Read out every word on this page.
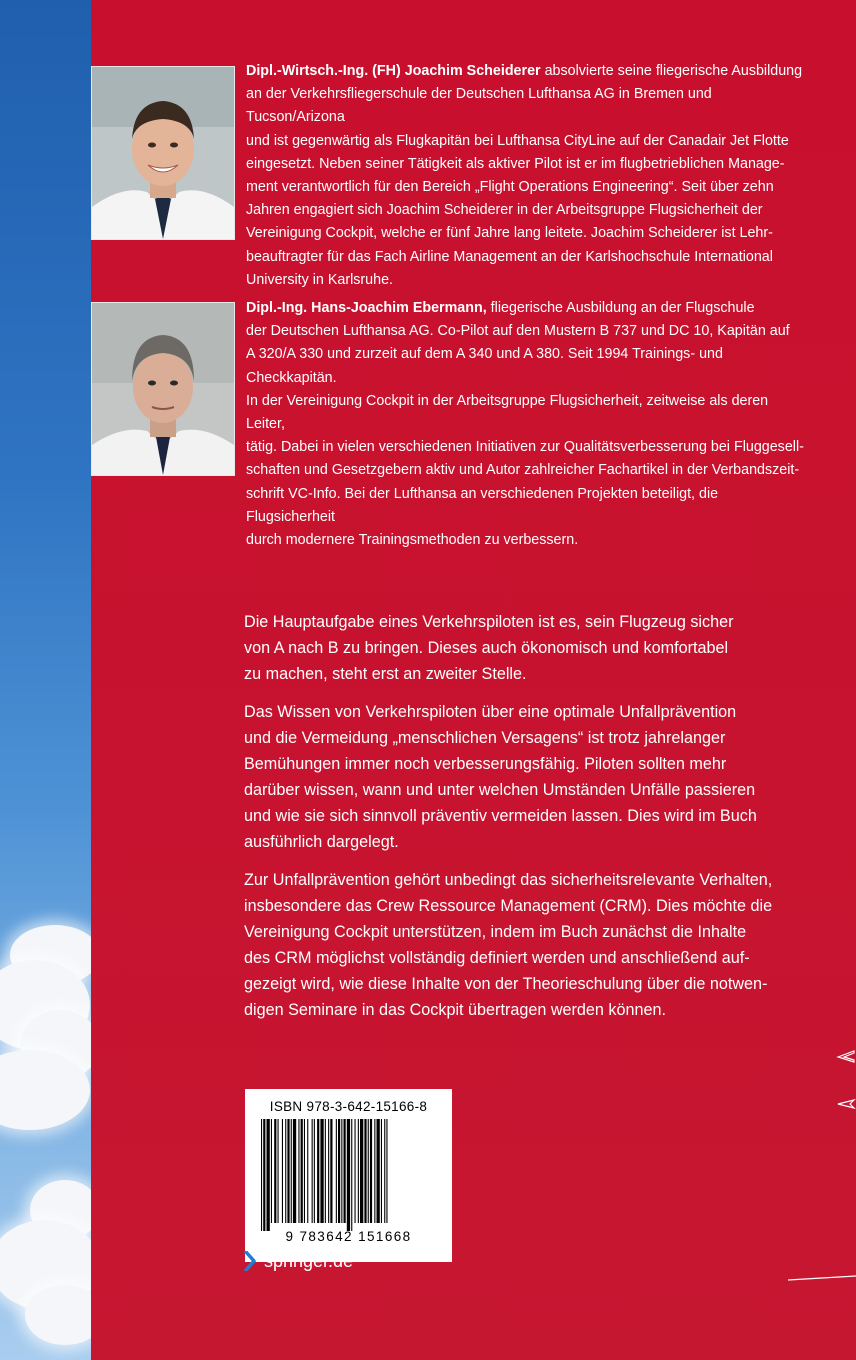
Dipl.-Wirtsch.-Ing. (FH) Joachim Scheiderer absolvierte seine fliegerische Ausbildung
an der Verkehrsfliegerschule der Deutschen Lufthansa AG in Bremen und Tucson/Arizona
und ist gegenwärtig als Flugkapitän bei Lufthansa CityLine auf der Canadair Jet Flotte
eingesetzt. Neben seiner Tätigkeit als aktiver Pilot ist er im flugbetrieblichen Manage-
ment verantwortlich für den Bereich „Flight Operations Engineering“. Seit über zehn
Jahren engagiert sich Joachim Scheiderer in der Arbeitsgruppe Flugsicherheit der
Vereinigung Cockpit, welche er fünf Jahre lang leitete. Joachim Scheiderer ist Lehr-
beauftragter für das Fach Airline Management an der Karlshochschule International
University in Karlsruhe.
Dipl.-Ing. Hans-Joachim Ebermann, fliegerische Ausbildung an der Flugschule
der Deutschen Lufthansa AG. Co-Pilot auf den Mustern B 737 und DC 10, Kapitän auf
A 320/A 330 und zurzeit auf dem A 340 und A 380. Seit 1994 Trainings- und Checkkapitän.
In der Vereinigung Cockpit in der Arbeitsgruppe Flugsicherheit, zeitweise als deren Leiter,
tätig. Dabei in vielen verschiedenen Initiativen zur Qualitätsverbesserung bei Fluggesell-
schaften und Gesetzgebern aktiv und Autor zahlreicher Fachartikel in der Verbandszeit-
schrift VC-Info. Bei der Lufthansa an verschiedenen Projekten beteiligt, die Flugsicherheit
durch modernere Trainingsmethoden zu verbessern.
Die Hauptaufgabe eines Verkehrspiloten ist es, sein Flugzeug sicher
von A nach B zu bringen. Dieses auch ökonomisch und komfortabel
zu machen, steht erst an zweiter Stelle.
Das Wissen von Verkehrspiloten über eine optimale Unfallprävention
und die Vermeidung „menschlichen Versagens“ ist trotz jahrelanger
Bemühungen immer noch verbesserungsfähig. Piloten sollten mehr
darüber wissen, wann und unter welchen Umständen Unfälle passieren
und wie sie sich sinnvoll präventiv vermeiden lassen. Dies wird im Buch
ausführlich dargelegt.
Zur Unfallprävention gehört unbedingt das sicherheitsrelevante Verhalten,
insbesondere das Crew Ressource Management (CRM). Dies möchte die
Vereinigung Cockpit unterstützen, indem im Buch zunächst die Inhalte
des CRM möglichst vollständig definiert werden und anschließend auf-
gezeigt wird, wie diese Inhalte von der Theorieschulung über die notwen-
digen Seminare in das Cockpit übertragen werden können.
ISBN 978-3-642-15166-8
9 783642 151668
springer.de
